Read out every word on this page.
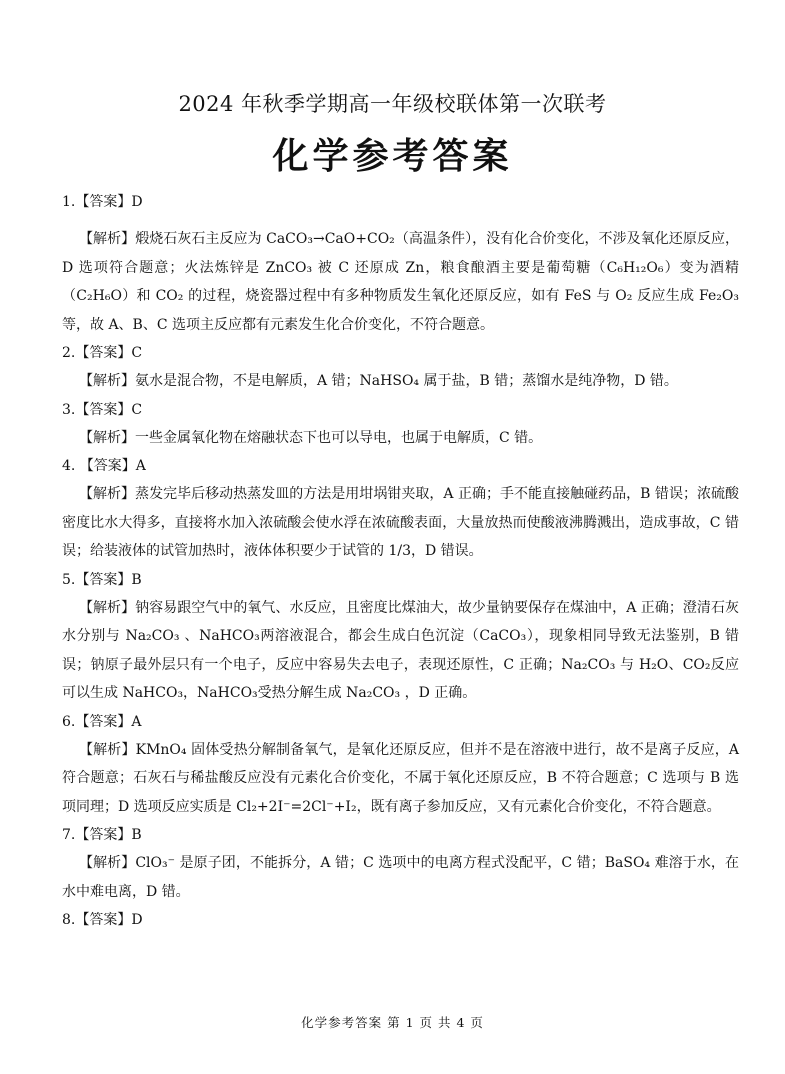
2024 年秋季学期高一年级校联体第一次联考
化学参考答案
1.【答案】D
【解析】煅烧石灰石主反应为 CaCO₃→CaO+CO₂（高温条件），没有化合价变化，不涉及氧化还原反应，D 选项符合题意；火法炼锌是 ZnCO₃ 被 C 还原成 Zn，粮食酿酒主要是葡萄糖（C₆H₁₂O₆）变为酒精（C₂H₆O）和 CO₂ 的过程，烧瓷器过程中有多种物质发生氧化还原反应，如有 FeS 与 O₂ 反应生成 Fe₂O₃ 等，故 A、B、C 选项主反应都有元素发生化合价变化，不符合题意。
2.【答案】C
【解析】氨水是混合物，不是电解质，A 错；NaHSO₄ 属于盐，B 错；蒸馏水是纯净物，D 错。
3.【答案】C
【解析】一些金属氧化物在熔融状态下也可以导电，也属于电解质，C 错。
4. 【答案】A
【解析】蒸发完毕后移动热蒸发皿的方法是用坩埚钳夹取，A 正确；手不能直接触碰药品，B 错误；浓硫酸密度比水大得多，直接将水加入浓硫酸会使水浮在浓硫酸表面，大量放热而使酸液沸腾溅出，造成事故，C 错误；给装液体的试管加热时，液体体积要少于试管的 1/3，D 错误。
5.【答案】B
【解析】钠容易跟空气中的氧气、水反应，且密度比煤油大，故少量钠要保存在煤油中，A 正确；澄清石灰水分别与 Na₂CO₃ 、NaHCO₃两溶液混合，都会生成白色沉淀（CaCO₃），现象相同导致无法鉴别，B 错误；钠原子最外层只有一个电子，反应中容易失去电子，表现还原性，C 正确；Na₂CO₃ 与 H₂O、CO₂反应可以生成 NaHCO₃，NaHCO₃受热分解生成 Na₂CO₃ ，D 正确。
6.【答案】A
【解析】KMnO₄ 固体受热分解制备氧气，是氧化还原反应，但并不是在溶液中进行，故不是离子反应，A 符合题意；石灰石与稀盐酸反应没有元素化合价变化，不属于氧化还原反应，B 不符合题意；C 选项与 B 选项同理；D 选项反应实质是 Cl₂+2I⁻=2Cl⁻+I₂，既有离子参加反应，又有元素化合价变化，不符合题意。
7.【答案】B
【解析】ClO₃⁻ 是原子团，不能拆分，A 错；C 选项中的电离方程式没配平，C 错；BaSO₄ 难溶于水，在水中难电离，D 错。
8.【答案】D
化学参考答案 第 1 页 共 4 页
